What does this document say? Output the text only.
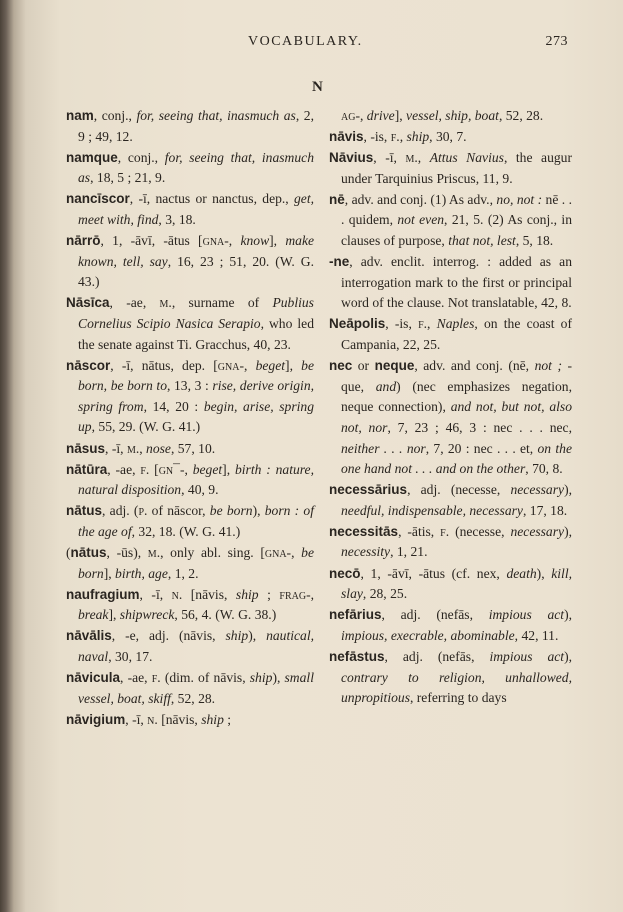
VOCABULARY.	273
N

nam, conj., for, seeing that, inasmuch as, 2, 9 ; 49, 12.

namque, conj., for, seeing that, inasmuch as, 18, 5 ; 21, 9.

nancīscor, -ī, nactus or nanctus, dep., get, meet with, find, 3, 18.

nārrō, 1, -āvī, -ātus [gna-, know], make known, tell, say, 16, 23 ; 51, 20. (W. G. 43.)

Nāsīca, -ae, m., surname of Publius Cornelius Scipio Nasica Serapio, who led the senate against Ti. Gracchus, 40, 23.

nāscor, -ī, nātus, dep. [gna-, beget], be born, be born to, 13, 3 : rise, derive origin, spring from, 14, 20 : begin, arise, spring up, 55, 29. (W. G. 41.)

nāsus, -ī, m., nose, 57, 10.

nātūra, -ae, f. [gn¯-, beget], birth : nature, natural disposition, 40, 9.

nātus, adj. (p. of nāscor, be born), born : of the age of, 32, 18. (W. G. 41.)

(nātus, -ūs), m., only abl. sing. [gna-, be born], birth, age, 1, 2.

naufragium, -ī, n. [nāvis, ship ; frag-, break], shipwreck, 56, 4. (W. G. 38.)

nāvālis, -e, adj. (nāvis, ship), nautical, naval, 30, 17.

nāvicula, -ae, f. (dim. of nāvis, ship), small vessel, boat, skiff, 52, 28.

nāvigium, -ī, n. [nāvis, ship ;

ag-, drive], vessel, ship, boat, 52, 28.

nāvis, -is, f., ship, 30, 7.

Nāvius, -ī, m., Attus Navius, the augur under Tarquinius Priscus, 11, 9.

nē, adv. and conj. (1) As adv., no, not : nē . . . quidem, not even, 21, 5. (2) As conj., in clauses of purpose, that not, lest, 5, 18.

-ne, adv. enclit. interrog. : added as an interrogation mark to the first or principal word of the clause. Not translatable, 42, 8.

Neāpolis, -is, f., Naples, on the coast of Campania, 22, 25.

nec or neque, adv. and conj. (nē, not ; -que, and) (nec emphasizes negation, neque connection), and not, but not, also not, nor, 7, 23 ; 46, 3 : nec . . . nec, neither . . . nor, 7, 20 : nec . . . et, on the one hand not . . . and on the other, 70, 8.

necessārius, adj. (necesse, necessary), needful, indispensable, necessary, 17, 18.

necessitās, -ātis, f. (necesse, necessary), necessity, 1, 21.

necō, 1, -āvī, -ātus (cf. nex, death), kill, slay, 28, 25.

nefārius, adj. (nefās, impious act), impious, execrable, abominable, 42, 11.

nefāstus, adj. (nefās, impious act), contrary to religion, unhallowed, unpropitious, referring to days
